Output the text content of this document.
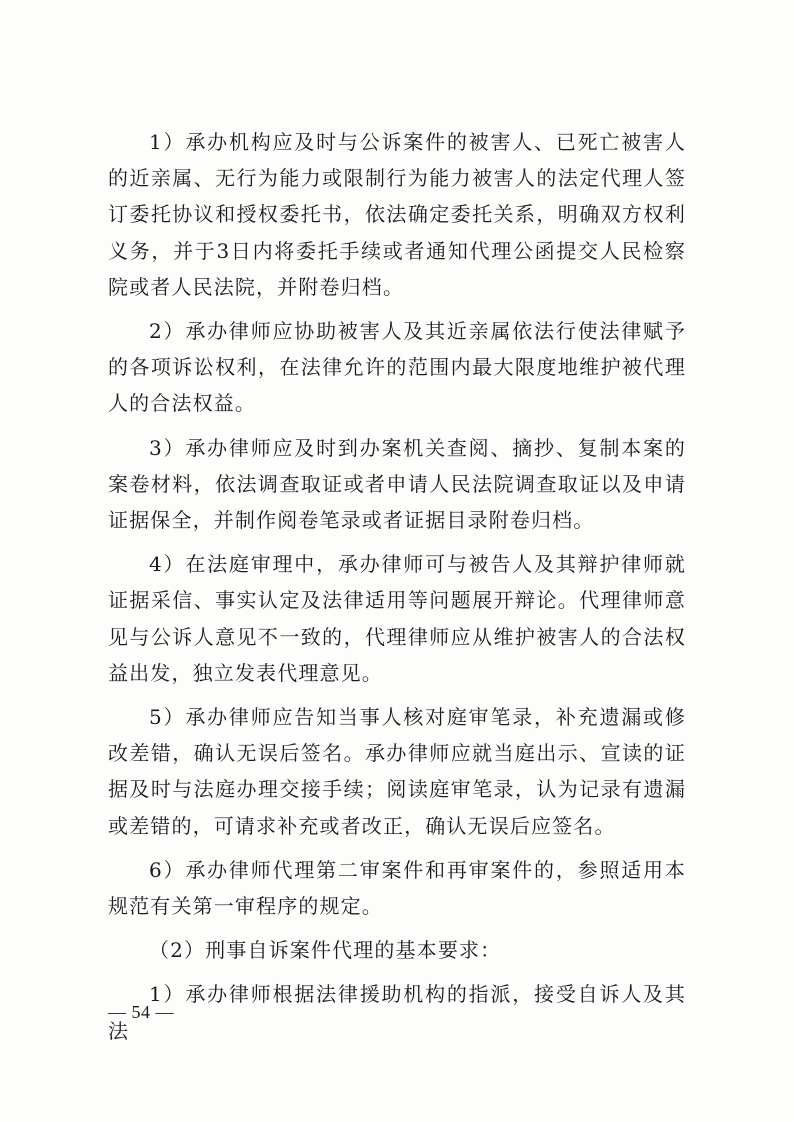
1）承办机构应及时与公诉案件的被害人、已死亡被害人的近亲属、无行为能力或限制行为能力被害人的法定代理人签订委托协议和授权委托书，依法确定委托关系，明确双方权利义务，并于3日内将委托手续或者通知代理公函提交人民检察院或者人民法院，并附卷归档。

2）承办律师应协助被害人及其近亲属依法行使法律赋予的各项诉讼权利，在法律允许的范围内最大限度地维护被代理人的合法权益。

3）承办律师应及时到办案机关查阅、摘抄、复制本案的案卷材料，依法调查取证或者申请人民法院调查取证以及申请证据保全，并制作阅卷笔录或者证据目录附卷归档。

4）在法庭审理中，承办律师可与被告人及其辩护律师就证据采信、事实认定及法律适用等问题展开辩论。代理律师意见与公诉人意见不一致的，代理律师应从维护被害人的合法权益出发，独立发表代理意见。

5）承办律师应告知当事人核对庭审笔录，补充遗漏或修改差错，确认无误后签名。承办律师应就当庭出示、宣读的证据及时与法庭办理交接手续；阅读庭审笔录，认为记录有遗漏或差错的，可请求补充或者改正，确认无误后应签名。

6）承办律师代理第二审案件和再审案件的，参照适用本规范有关第一审程序的规定。

（2）刑事自诉案件代理的基本要求：

1）承办律师根据法律援助机构的指派，接受自诉人及其法

— 54 —
